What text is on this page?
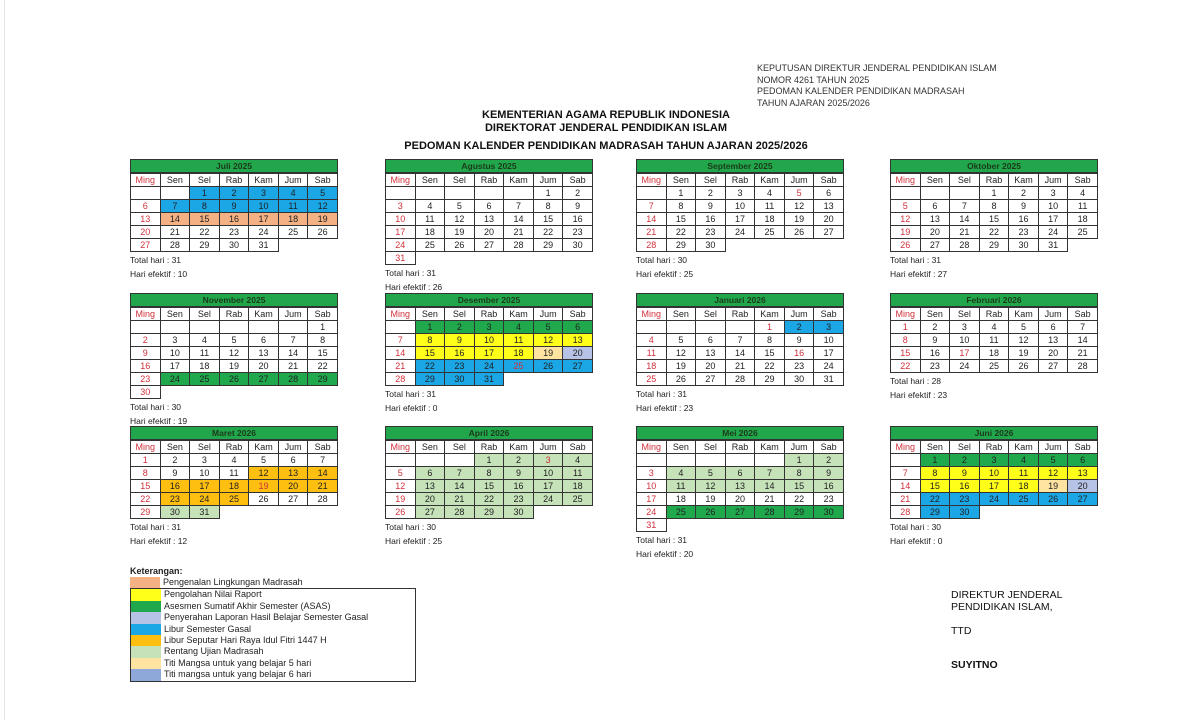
KEPUTUSAN DIREKTUR JENDERAL PENDIDIKAN ISLAM
NOMOR 4261 TAHUN 2025
PEDOMAN KALENDER PENDIDIKAN MADRASAH
TAHUN AJARAN 2025/2026
KEMENTERIAN AGAMA REPUBLIK INDONESIA
DIREKTORAT JENDERAL PENDIDIKAN ISLAM
PEDOMAN KALENDER PENDIDIKAN MADRASAH TAHUN AJARAN 2025/2026
Juli 2025
Ming	Sen	Sel	Rab	Kam	Jum	Sab
		1	2	3	4	5
6	7	8	9	10	11	12
13	14	15	16	17	18	19
20	21	22	23	24	25	26
27	28	29	30	31		
Total hari : 31
Hari efektif : 10
Agustus 2025
Ming	Sen	Sel	Rab	Kam	Jum	Sab
					1	2
3	4	5	6	7	8	9
10	11	12	13	14	15	16
17	18	19	20	21	22	23
24	25	26	27	28	29	30
31						
Total hari : 31
Hari efektif : 26
September 2025
Ming	Sen	Sel	Rab	Kam	Jum	Sab
	1	2	3	4	5	6
7	8	9	10	11	12	13
14	15	16	17	18	19	20
21	22	23	24	25	26	27
28	29	30				
Total hari : 30
Hari efektif : 25
Oktober 2025
Ming	Sen	Sel	Rab	Kam	Jum	Sab
			1	2	3	4
5	6	7	8	9	10	11
12	13	14	15	16	17	18
19	20	21	22	23	24	25
26	27	28	29	30	31	
Total hari : 31
Hari efektif : 27
November 2025
Ming	Sen	Sel	Rab	Kam	Jum	Sab
						1
2	3	4	5	6	7	8
9	10	11	12	13	14	15
16	17	18	19	20	21	22
23	24	25	26	27	28	29
30						
Total hari : 30
Hari efektif : 19
Desember 2025
Ming	Sen	Sel	Rab	Kam	Jum	Sab
	1	2	3	4	5	6
7	8	9	10	11	12	13
14	15	16	17	18	19	20
21	22	23	24	25	26	27
28	29	30	31			
Total hari : 31
Hari efektif : 0
Januari 2026
Ming	Sen	Sel	Rab	Kam	Jum	Sab
				1	2	3
4	5	6	7	8	9	10
11	12	13	14	15	16	17
18	19	20	21	22	23	24
25	26	27	28	29	30	31
Total hari : 31
Hari efektif : 23
Februari 2026
Ming	Sen	Sel	Rab	Kam	Jum	Sab
1	2	3	4	5	6	7
8	9	10	11	12	13	14
15	16	17	18	19	20	21
22	23	24	25	26	27	28
Total hari : 28
Hari efektif : 23
Maret 2026
Ming	Sen	Sel	Rab	Kam	Jum	Sab
1	2	3	4	5	6	7
8	9	10	11	12	13	14
15	16	17	18	19	20	21
22	23	24	25	26	27	28
29	30	31				
Total hari : 31
Hari efektif : 12
April 2026
Ming	Sen	Sel	Rab	Kam	Jum	Sab
			1	2	3	4
5	6	7	8	9	10	11
12	13	14	15	16	17	18
19	20	21	22	23	24	25
26	27	28	29	30		
Total hari : 30
Hari efektif : 25
Mei 2026
Ming	Sen	Sel	Rab	Kam	Jum	Sab
					1	2
3	4	5	6	7	8	9
10	11	12	13	14	15	16
17	18	19	20	21	22	23
24	25	26	27	28	29	30
31						
Total hari : 31
Hari efektif : 20
Juni 2026
Ming	Sen	Sel	Rab	Kam	Jum	Sab
	1	2	3	4	5	6
7	8	9	10	11	12	13
14	15	16	17	18	19	20
21	22	23	24	25	26	27
28	29	30				
Total hari : 30
Hari efektif : 0
Keterangan:
Pengenalan Lingkungan Madrasah
Pengolahan Nilai Raport
Asesmen Sumatif Akhir Semester (ASAS)
Penyerahan Laporan Hasil Belajar Semester Gasal
Libur Semester Gasal
Libur Seputar Hari Raya Idul Fitri 1447 H
Rentang Ujian Madrasah
Titi Mangsa untuk yang belajar 5 hari
Titi mangsa untuk yang belajar 6 hari
DIREKTUR JENDERAL
PENDIDIKAN ISLAM,
TTD
SUYITNO
